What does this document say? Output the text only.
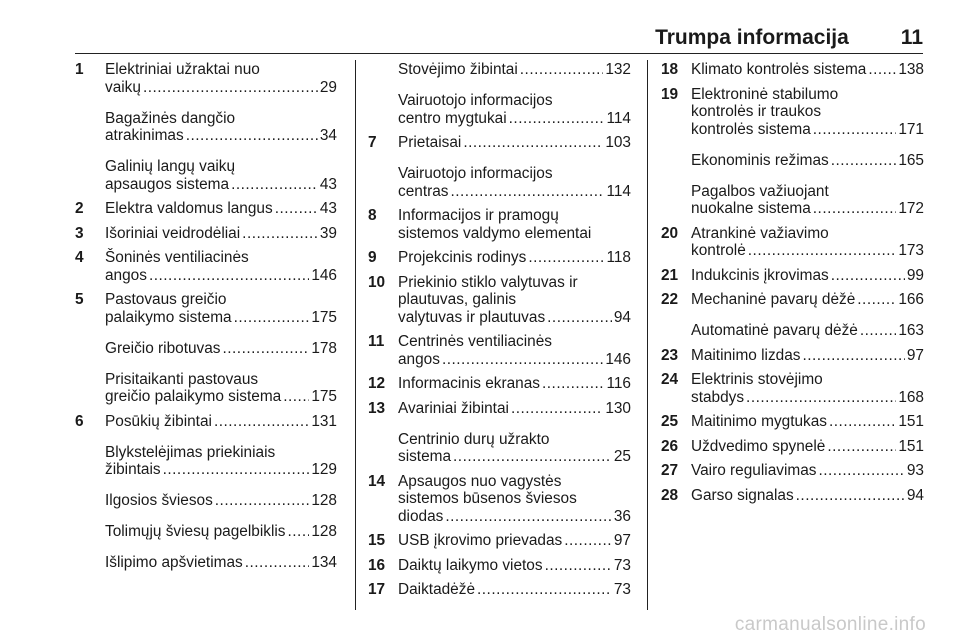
Trumpa informacija 11
1 Elektriniai užraktai nuo
vaikų .....	29
Bagažinės dangčio
atrakinimas .....	34
Galinių langų vaikų
apsaugos sistema .....	43
2 Elektra valdomus langus .....	43
3 Išoriniai veidrodėliai .....	39
4 Šoninės ventiliacinės
angos .....	146
5 Pastovaus greičio
palaikymo sistema .....	175
Greičio ribotuvas .....	178
Prisitaikanti pastovaus
greičio palaikymo sistema ..... 175
6 Posūkių žibintai .....	131
Blykstelėjimas priekiniais
žibintais .....	129
Ilgosios šviesos .....	128
Tolimųjų šviesų pagelbiklis ..... 128
Išlipimo apšvietimas .....	134
Stovėjimo žibintai .....	132
Vairuotojo informacijos
centro mygtukai .....	114
7 Prietaisai .....	103
Vairuotojo informacijos
centras .....	114
8 Informacijos ir pramogų
sistemos valdymo elementai
9 Projekcinis rodinys .....	118
10 Priekinio stiklo valytuvas ir
plautuvas, galinis
valytuvas ir plautuvas .....	94
11 Centrinės ventiliacinės
angos .....	146
12 Informacinis ekranas .....	116
13 Avariniai žibintai .....	130
Centrinio durų užrakto
sistema .....	25
14 Apsaugos nuo vagystės
sistemos būsenos šviesos
diodas .....	36
15 USB įkrovimo prievadas .....	97
16 Daiktų laikymo vietos .....	73
17 Daiktadėžė .....	73
18 Klimato kontrolės sistema ..... 138
19 Elektroninė stabilumo
kontrolės ir traukos
kontrolės sistema .....	171
Ekonominis režimas .....	165
Pagalbos važiuojant
nuokalne sistema .....	172
20 Atrankinė važiavimo
kontrolė .....	173
21 Indukcinis įkrovimas .....	99
22 Mechaninė pavarų dėžė .....	166
Automatinė pavarų dėžė .....	163
23 Maitinimo lizdas .....	97
24 Elektrinis stovėjimo
stabdys .....	168
25 Maitinimo mygtukas .....	151
26 Uždvedimo spynelė .....	151
27 Vairo reguliavimas .....	93
28 Garso signalas .....	94
carmanualsonline.info
